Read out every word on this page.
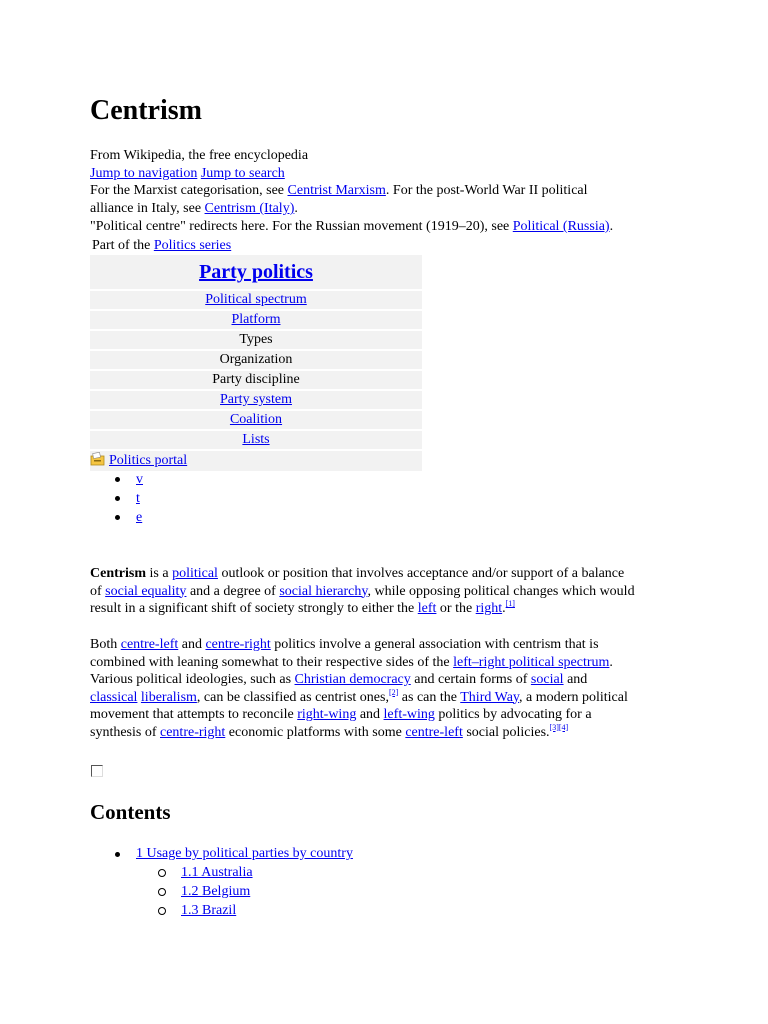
Centrism
From Wikipedia, the free encyclopedia
Jump to navigation Jump to search
For the Marxist categorisation, see Centrist Marxism. For the post-World War II political
alliance in Italy, see Centrism (Italy).
"Political centre" redirects here. For the Russian movement (1919–20), see Political (Russia).
Part of the Politics series
Party politics
Political spectrum
Platform
Types
Organization
Party discipline
Party system
Coalition
Lists
Politics portal
v
t
e
Centrism is a political outlook or position that involves acceptance and/or support of a balance
of social equality and a degree of social hierarchy, while opposing political changes which would
result in a significant shift of society strongly to either the left or the right.[1]
Both centre-left and centre-right politics involve a general association with centrism that is
combined with leaning somewhat to their respective sides of the left–right political spectrum.
Various political ideologies, such as Christian democracy and certain forms of social and
classical liberalism, can be classified as centrist ones,[2] as can the Third Way, a modern political
movement that attempts to reconcile right-wing and left-wing politics by advocating for a
synthesis of centre-right economic platforms with some centre-left social policies.[3][4]
Contents
1 Usage by political parties by country
1.1 Australia
1.2 Belgium
1.3 Brazil
